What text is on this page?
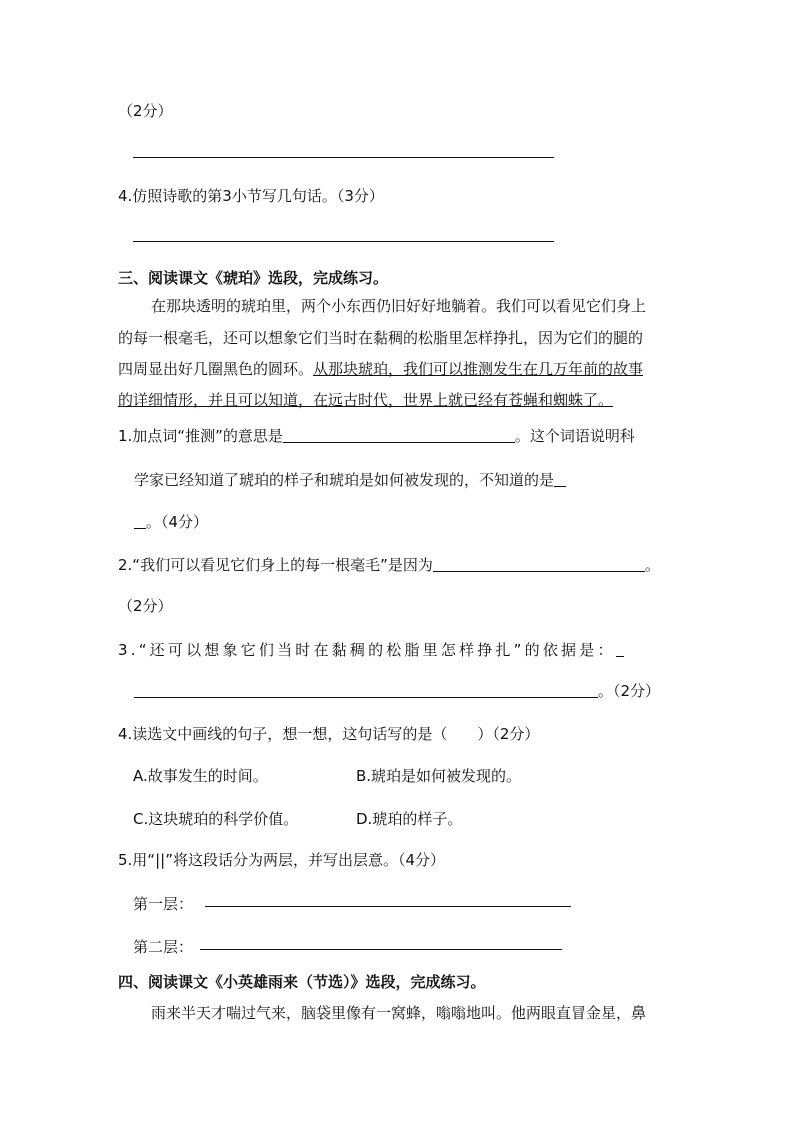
（2分）
4.仿照诗歌的第3小节写几句话。（3分）
三、阅读课文《琥珀》选段，完成练习。
在那块透明的琥珀里，两个小东西仍旧好好地躺着。我们可以看见它们身上
的每一根毫毛，还可以想象它们当时在黏稠的松脂里怎样挣扎，因为它们的腿的
四周显出好几圈黑色的圆环。从那块琥珀，我们可以推测发生在几万年前的故事
的详细情形，并且可以知道，在远古时代，世界上就已经有苍蝇和蜘蛛了。
1.加点词“推测”的意思是	。这个词语说明科
学家已经知道了琥珀的样子和琥珀是如何被发现的，不知道的是
。（4分）
2.“我们可以看见它们身上的每一根毫毛”是因为	。
（2分）
3.“还可以想象它们当时在黏稠的松脂里怎样挣扎”的依据是：
。（2分）
4.读选文中画线的句子，想一想，这句话写的是（　　）（2分）
A.故事发生的时间。	B.琥珀是如何被发现的。
C.这块琥珀的科学价值。	D.琥珀的样子。
5.用“||”将这段话分为两层，并写出层意。（4分）
第一层：
第二层：
四、阅读课文《小英雄雨来（节选）》选段，完成练习。
雨来半天才喘过气来，脑袋里像有一窝蜂，嗡嗡地叫。他两眼直冒金星，鼻
